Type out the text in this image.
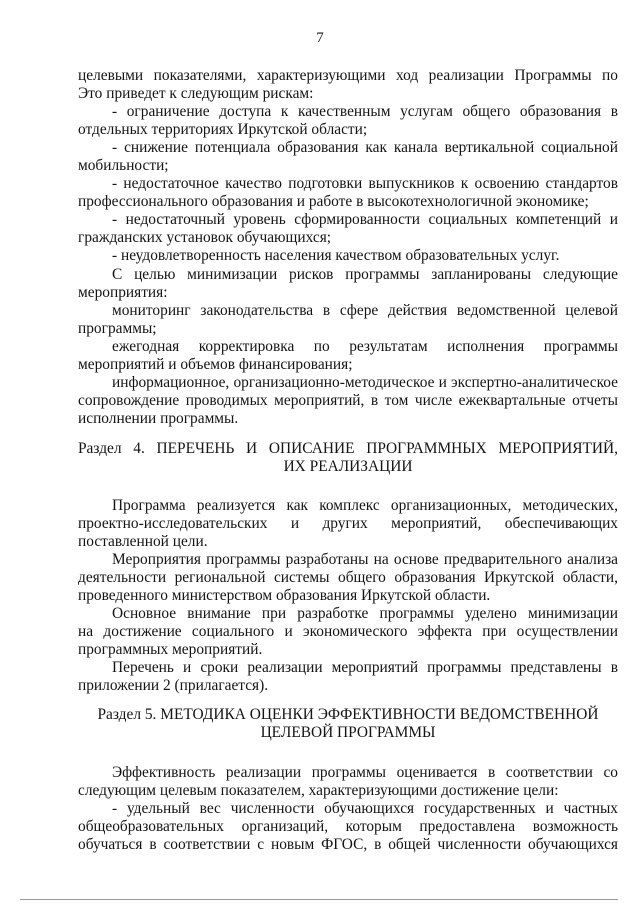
7
целевыми показателями, характеризующими ход реализации Программы по
Это приведет к следующим рискам:
- ограничение доступа к качественным услугам общего образования в
отдельных территориях Иркутской области;
- снижение потенциала образования как канала вертикальной социальной
мобильности;
- недостаточное качество подготовки выпускников к освоению стандартов
профессионального образования и работе в высокотехнологичной экономике;
- недостаточный уровень сформированности социальных компетенций и
гражданских установок обучающихся;
- неудовлетворенность населения качеством образовательных услуг.
С целью минимизации рисков программы запланированы следующие
мероприятия:
мониторинг законодательства в сфере действия ведомственной целевой
программы;
ежегодная корректировка по результатам исполнения программы
мероприятий и объемов финансирования;
информационное, организационно-методическое и экспертно-аналитическое
сопровождение проводимых мероприятий, в том числе ежеквартальные отчеты
исполнении программы.
Раздел 4. ПЕРЕЧЕНЬ И ОПИСАНИЕ ПРОГРАММНЫХ МЕРОПРИЯТИЙ,
ИХ РЕАЛИЗАЦИИ
Программа реализуется как комплекс организационных, методических,
проектно-исследовательских и других мероприятий, обеспечивающих
поставленной цели.
Мероприятия программы разработаны на основе предварительного анализа
деятельности региональной системы общего образования Иркутской области,
проведенного министерством образования Иркутской области.
Основное внимание при разработке программы уделено минимизации
на достижение социального и экономического эффекта при осуществлении
программных мероприятий.
Перечень и сроки реализации мероприятий программы представлены в
приложении 2 (прилагается).
Раздел 5. МЕТОДИКА ОЦЕНКИ ЭФФЕКТИВНОСТИ ВЕДОМСТВЕННОЙ
ЦЕЛЕВОЙ ПРОГРАММЫ
Эффективность реализации программы оценивается в соответствии со
следующим целевым показателем, характеризующими достижение цели:
- удельный вес численности обучающихся государственных и частных
общеобразовательных организаций, которым предоставлена возможность
обучаться в соответствии с новым ФГОС, в общей численности обучающихся
